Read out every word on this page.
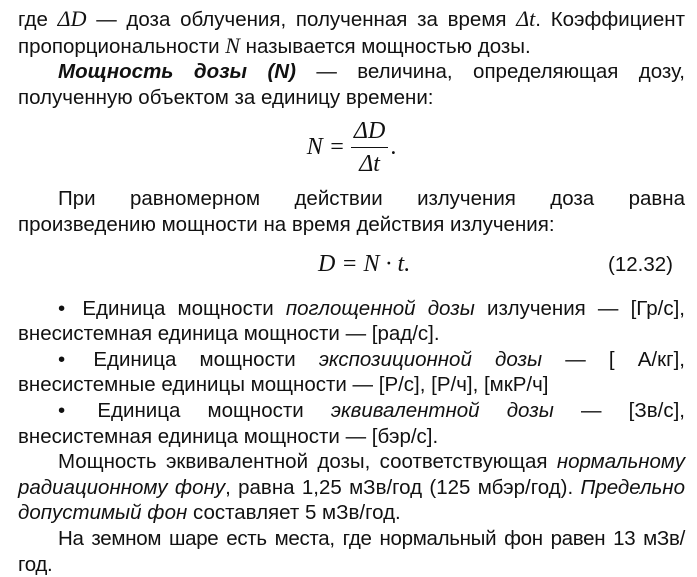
где ΔD — доза облучения, полученная за время Δt. Коэффициент пропорциональности N называется мощностью дозы.

Мощность дозы (N) — величина, определяющая дозу, полученную объектом за единицу времени:

$N = \frac{\Delta D}{\Delta t}$ .

При равномерном действии излучения доза равна произведению мощности на время действия излучения:

D = N · t.	(12.32)

• Единица мощности поглощенной дозы излучения — [Гр/с], внесистемная единица мощности — [рад/с].

• Единица мощности экспозиционной дозы — [ А/кг], внесистемные единицы мощности — [Р/с], [Р/ч], [мкР/ч]

• Единица мощности эквивалентной дозы — [Зв/с], внесистемная единица мощности — [бэр/с].

Мощность эквивалентной дозы, соответствующая нормальному радиационному фону, равна 1,25 мЗв/год (125 мбэр/год). Предельно допустимый фон составляет 5 мЗв/год.

На земном шаре есть места, где нормальный фон равен 13 мЗв/год.
